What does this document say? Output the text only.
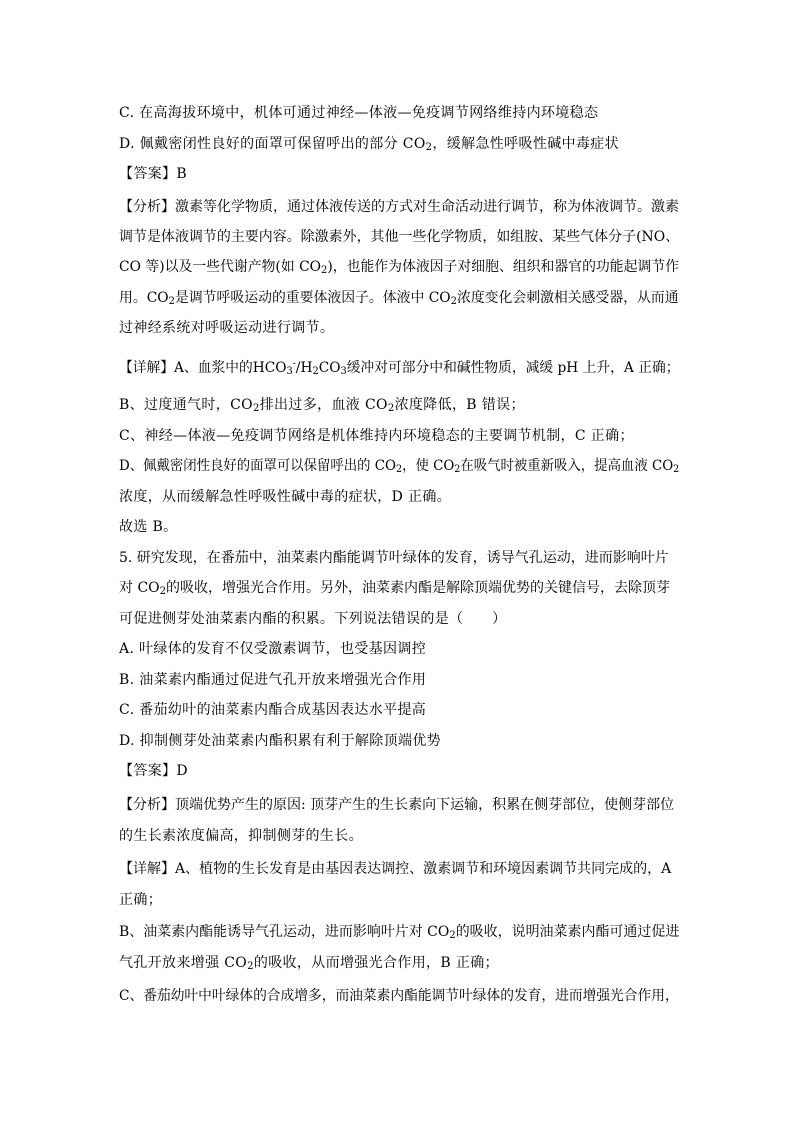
C. 在高海拔环境中，机体可通过神经—体液—免疫调节网络维持内环境稳态
D. 佩戴密闭性良好的面罩可保留呼出的部分 $CO_2$，缓解急性呼吸性碱中毒症状
【答案】B
【分析】激素等化学物质，通过体液传送的方式对生命活动进行调节，称为体液调节。激素
调节是体液调节的主要内容。除激素外，其他一些化学物质，如组胺、某些气体分子(NO、
CO 等)以及一些代谢产物(如 $CO_2$)，也能作为体液因子对细胞、组织和器官的功能起调节作
用。$CO_2$是调节呼吸运动的重要体液因子。体液中 $CO_2$浓度变化会刺激相关感受器，从而通
过神经系统对呼吸运动进行调节。
【详解】A、血浆中的$HCO_3^-/H_2CO_3$缓冲对可部分中和碱性物质，减缓 pH 上升，A 正确；
B、过度通气时，$CO_2$排出过多，血液 $CO_2$浓度降低，B 错误；
C、神经—体液—免疫调节网络是机体维持内环境稳态的主要调节机制，C 正确；
D、佩戴密闭性良好的面罩可以保留呼出的 $CO_2$，使 $CO_2$在吸气时被重新吸入，提高血液 $CO_2$
浓度，从而缓解急性呼吸性碱中毒的症状，D 正确。
故选 B。
5. 研究发现，在番茄中，油菜素内酯能调节叶绿体的发育，诱导气孔运动，进而影响叶片
对 $CO_2$的吸收，增强光合作用。另外，油菜素内酯是解除顶端优势的关键信号，去除顶芽
可促进侧芽处油菜素内酯的积累。下列说法错误的是（　　）
A. 叶绿体的发育不仅受激素调节，也受基因调控
B. 油菜素内酯通过促进气孔开放来增强光合作用
C. 番茄幼叶的油菜素内酯合成基因表达水平提高
D. 抑制侧芽处油菜素内酯积累有利于解除顶端优势
【答案】D
【分析】顶端优势产生的原因: 顶芽产生的生长素向下运输，积累在侧芽部位，使侧芽部位
的生长素浓度偏高，抑制侧芽的生长。
【详解】A、植物的生长发育是由基因表达调控、激素调节和环境因素调节共同完成的，A
正确；
B、油菜素内酯能诱导气孔运动，进而影响叶片对 $CO_2$的吸收，说明油菜素内酯可通过促进
气孔开放来增强 $CO_2$的吸收，从而增强光合作用，B 正确；
C、番茄幼叶中叶绿体的合成增多，而油菜素内酯能调节叶绿体的发育，进而增强光合作用，
